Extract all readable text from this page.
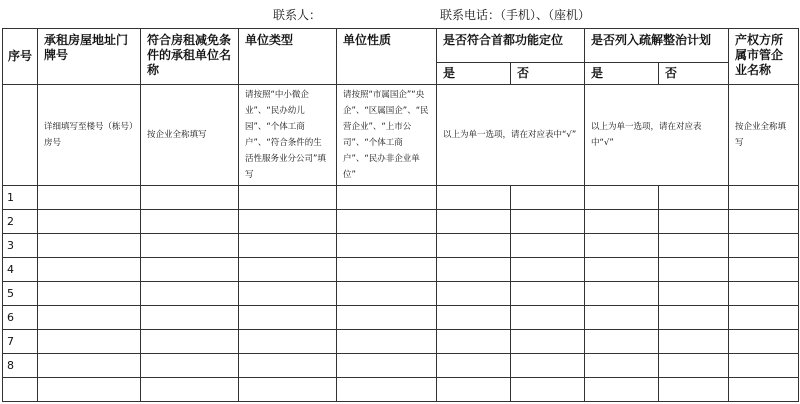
联系人：	联系电话：（手机）、（座机）
序号	承租房屋地址门牌号	符合房租减免条件的承租单位名称	单位类型	单位性质	是否符合首都功能定位		是否列入疏解整治计划		产权方所属市管企业名称
					是	否	是	否	
	详细填写至楼号（栋号）房号	按企业全称填写	请按照“中小微企业”、“民办幼儿园”、“个体工商户”、“符合条件的生活性服务业分公司”填写	请按照“市属国企”“央企”、“区属国企”、“民营企业”、“上市公司”、“个体工商户”、“民办非企业单位”	以上为单一选项，请在对应表中“√”		以上为单一选项，请在对应表中“√”		按企业全称填写
1									
2									
3									
4									
5									
6									
7									
8									
